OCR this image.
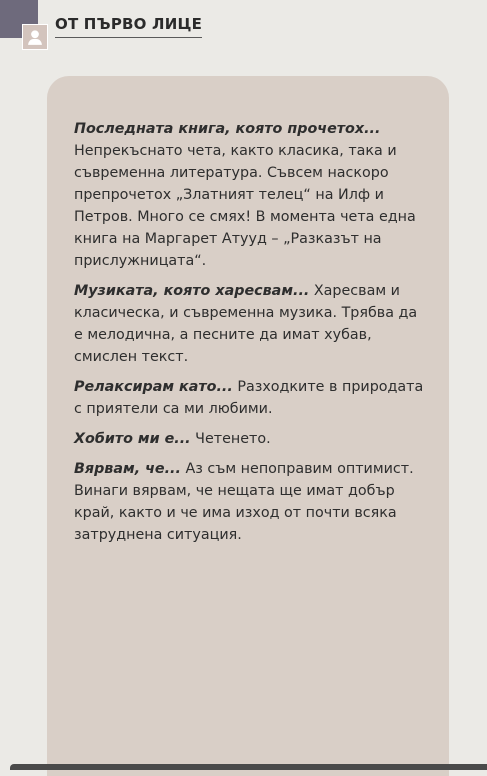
ОТ ПЪРВО ЛИЦЕ

Последната книга, която прочетох... Непрекъснато чета, както класика, така и съвременна литература. Съвсем наскоро препрочетох „Златният телец“ на Илф и Петров. Много се смях! В момента чета една книга на Маргарет Атууд – „Разказът на прислужницата“.

Музиката, която харесвам... Харесвам и класическа, и съвременна музика. Трябва да е мелодична, а песните да имат хубав, смислен текст.

Релаксирам като... Разходките в природата с приятели са ми любими.

Хобито ми е... Четенето.

Вярвам, че... Аз съм непоправим оптимист. Винаги вярвам, че нещата ще имат добър край, както и че има изход от почти всяка затруднена ситуация.
